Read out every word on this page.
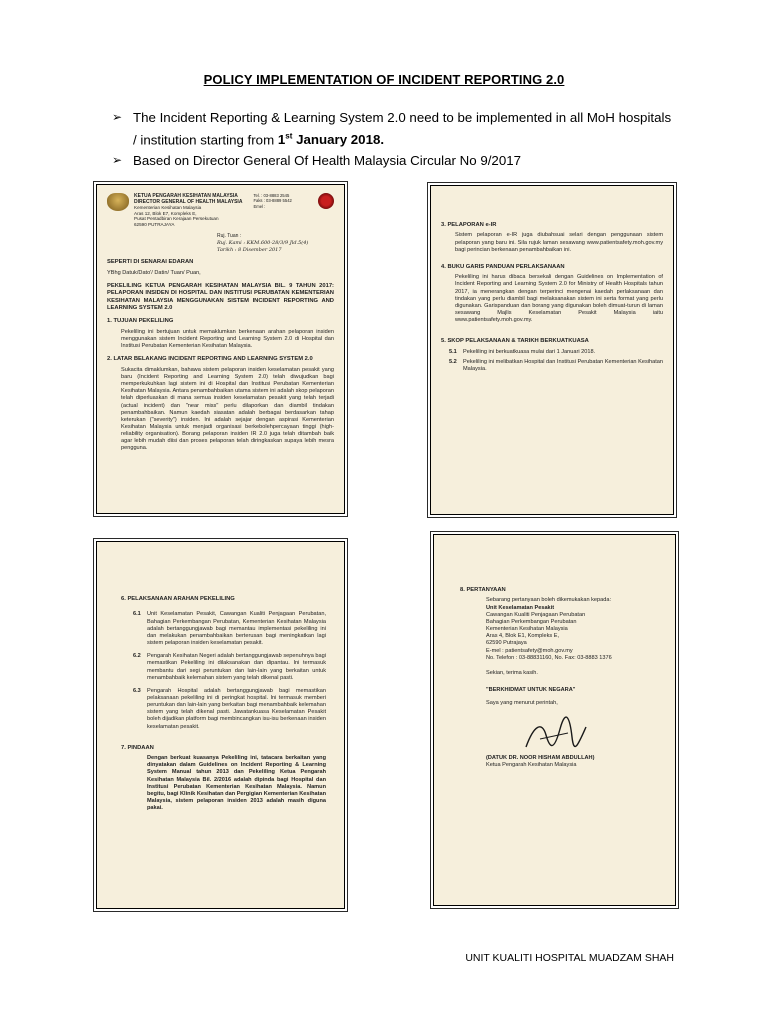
POLICY IMPLEMENTATION OF INCIDENT REPORTING 2.0
➢ The Incident Reporting & Learning System 2.0 need to be implemented in all MoH hospitals / institution starting from 1st January 2018.
➢ Based on Director General Of Health Malaysia Circular No 9/2017
KETUA PENGARAH KESIHATAN MALAYSIA
DIRECTOR GENERAL OF HEALTH MALAYSIA
Kementerian Kesihatan Malaysia
Aras 12, Blok E7, Kompleks E,
Pusat Pentadbiran Kerajaan Persekutuan
62590 PUTRAJAYA
Tel. : 03-8883 2545
Faks : 03-8889 5542
Emel :
Ruj. Tuan :
Ruj. Kami : KKM.600-28/3/9 Jld.5(4)
Tarikh : 8 Disember 2017
SEPERTI DI SENARAI EDARAN
YBhg Datuk/Dato'/ Datin/ Tuan/ Puan,
PEKELILING KETUA PENGARAH KESIHATAN MALAYSIA BIL. 9 TAHUN 2017: PELAPORAN INSIDEN DI HOSPITAL DAN INSTITUSI PERUBATAN KEMENTERIAN KESIHATAN MALAYSIA MENGGUNAKAN SISTEM INCIDENT REPORTING AND LEARNING SYSTEM 2.0
1. TUJUAN PEKELILING
Pekeliling ini bertujuan untuk memaklumkan berkenaan arahan pelaporan insiden menggunakan sistem Incident Reporting and Learning System 2.0 di Hospital dan Institusi Perubatan Kementerian Kesihatan Malaysia.
2. LATAR BELAKANG INCIDENT REPORTING AND LEARNING SYSTEM 2.0
Sukacita dimaklumkan, bahawa sistem pelaporan insiden keselamatan pesakit yang baru (Incident Reporting and Learning System 2.0) telah diwujudkan bagi memperkukuhkan lagi sistem ini di Hospital dan Institusi Perubatan Kementerian Kesihatan Malaysia. Antara penambahbaikan utama sistem ini adalah skop pelaporan telah diperluaskan di mana semua insiden keselamatan pesakit yang telah terjadi (actual incident) dan "near miss" perlu dilaporkan dan diambil tindakan penambahbaikan. Namun kaedah siasatan adalah berbagai berdasarkan tahap keterukan ("severity") insiden. Ini adalah sejajar dengan aspirasi Kementerian Kesihatan Malaysia untuk menjadi organisasi berkebolehpercayaan tinggi (high-reliability organisation). Borang pelaporan insiden IR 2.0 juga telah ditambah baik agar lebih mudah diisi dan proses pelaporan telah diringkaskan supaya lebih mesra pengguna.
3. PELAPORAN e-IR
Sistem pelaporan e-IR juga diubahsuai selari dengan penggunaan sistem pelaporan yang baru ini. Sila rujuk laman sesawang www.patientsafety.moh.gov.my bagi perincian berkenaan penambahbaikan ini.
4. BUKU GARIS PANDUAN PERLAKSANAAN
Pekeliling ini harus dibaca bersekali dengan Guidelines on Implementation of Incident Reporting and Learning System 2.0 for Ministry of Health Hospitals tahun 2017, ia menerangkan dengan terperinci mengenai kaedah perlaksanaan dan tindakan yang perlu diambil bagi melaksanakan sistem ini serta format yang perlu digunakan. Garispanduan dan borang yang digunakan boleh dimuat-turun di laman sesawang Majlis Keselamatan Pesakit Malaysia iaitu www.patientsafety.moh.gov.my.
5. SKOP PELAKSANAAN & TARIKH BERKUATKUASA
5.1 Pekeliling ini berkuatkuasa mulai dari 1 Januari 2018.
5.2 Pekeliling ini melibatkan Hospital dan Institusi Perubatan Kementerian Kesihatan Malaysia.
6. PELAKSANAAN ARAHAN PEKELILING
6.1 Unit Keselamatan Pesakit, Cawangan Kualiti Penjagaan Perubatan, Bahagian Perkembangan Perubatan, Kementerian Kesihatan Malaysia adalah bertanggungjawab bagi memantau implementasi pekeliling ini dan melakukan penambahbaikan berterusan bagi meningkatkan lagi sistem pelaporan insiden keselamatan pesakit.
6.2 Pengarah Kesihatan Negeri adalah bertanggungjawab sepenuhnya bagi memastikan Pekeliling ini dilaksanakan dan dipantau. Ini termasuk membantu dari segi peruntukan dan lain-lain yang berkaitan untuk menambahbaik kelemahan sistem yang telah dikenal pasti.
6.3 Pengarah Hospital adalah bertanggungjawab bagi memastikan pelaksanaan pekeliling ini di peringkat hospital. Ini termasuk memberi peruntukan dan lain-lain yang berkaitan bagi menambahbaik kelemahan sistem yang telah dikenal pasti. Jawatankuasa Keselamatan Pesakit boleh dijadikan platform bagi membincangkan isu-isu berkenaan insiden keselamatan pesakit.
7. PINDAAN
Dengan berkuat kuasanya Pekeliling ini, tatacara berkaitan yang dinyatakan dalam Guidelines on Incident Reporting & Learning System Manual tahun 2013 dan Pekeliling Ketua Pengarah Kesihatan Malaysia Bil. 2/2016 adalah dipinda bagi Hospital dan Institusi Perubatan Kementerian Kesihatan Malaysia. Namun begitu, bagi Klinik Kesihatan dan Pergigian Kementerian Kesihatan Malaysia, sistem pelaporan insiden 2013 adalah masih diguna pakai.
8. PERTANYAAN
Sebarang pertanyaan boleh dikemukakan kepada:
Unit Keselamatan Pesakit
Cawangan Kualiti Penjagaan Perubatan
Bahagian Perkembangan Perubatan
Kementerian Kesihatan Malaysia
Aras 4, Blok E1, Kompleks E,
62590 Putrajaya
E-mel : patientsafety@moh.gov.my
No. Telefon : 03-88831160, No. Fax: 03-8883 1376
Sekian, terima kasih.
"BERKHIDMAT UNTUK NEGARA"
Saya yang menurut perintah,
(DATUK DR. NOOR HISHAM ABDULLAH)
Ketua Pengarah Kesihatan Malaysia
UNIT KUALITI HOSPITAL MUADZAM SHAH
